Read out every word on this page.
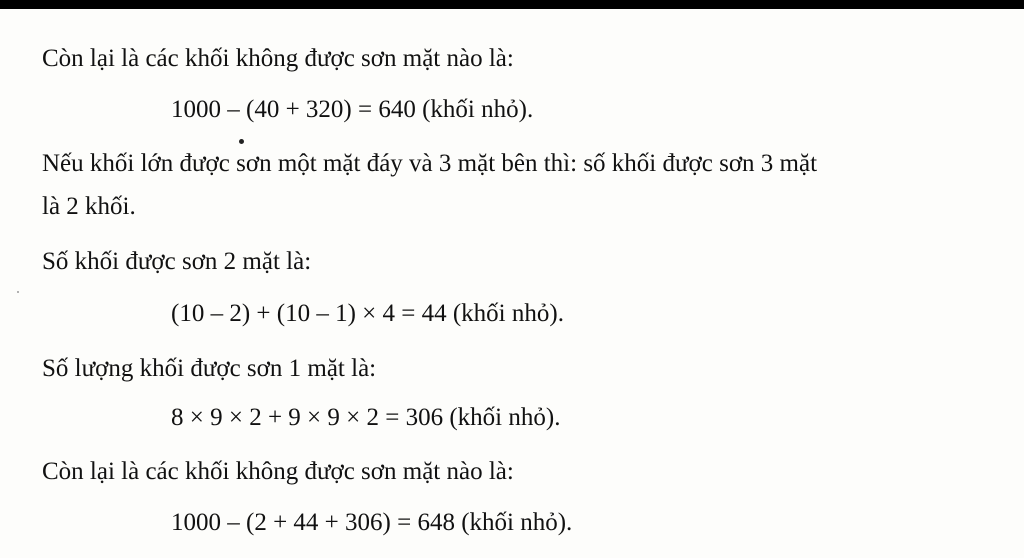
Còn lại là các khối không được sơn mặt nào là:
1000 – (40 + 320) = 640 (khối nhỏ).
Nếu khối lớn được sơn một mặt đáy và 3 mặt bên thì: số khối được sơn 3 mặt
là 2 khối.
Số khối được sơn 2 mặt là:
(10 – 2) + (10 – 1) × 4 = 44 (khối nhỏ).
Số lượng khối được sơn 1 mặt là:
8 × 9 × 2 + 9 × 9 × 2 = 306 (khối nhỏ).
Còn lại là các khối không được sơn mặt nào là:
1000 – (2 + 44 + 306) = 648 (khối nhỏ).
